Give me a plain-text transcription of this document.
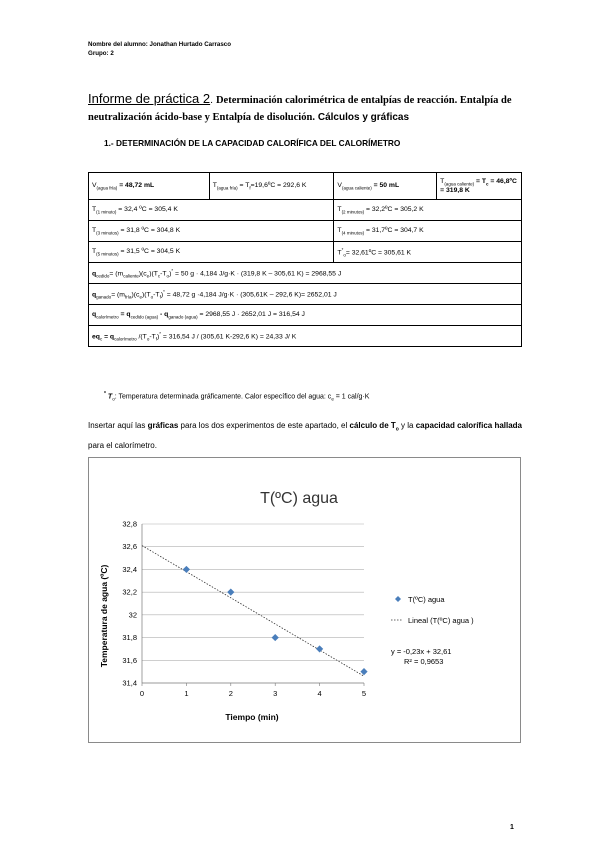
Nombre del alumno: Jonathan Hurtado Carrasco
Grupo: 2
Informe de práctica 2. Determinación calorimétrica de entalpías de reacción. Entalpía de neutralización ácido-base y Entalpía de disolución. Cálculos y gráficas
1.- DETERMINACIÓN DE LA CAPACIDAD CALORÍFICA DEL CALORÍMETRO
$V_{(agua fría)} = 48,72$ mL	$T_{(agua fría)}$ = $T_f=19,6ºC = 292,6$ K	$V_{(agua caliente)} = 50$ mL	$T_{(agua caliente)} = T_c$ = 46,8ºC = 319,8 K
$T_{(1 minuto)} = 32,4$ ºC = 305,4 K		$T_{(2 minutos)}$ = 32,2ºC = 305,2 K	
$T_{(3 minutos)} = 31,8$ ºC = 304,8 K		$T_{(4 minutos)}$ = 31,7ºC = 304,7 K	
$T_{(5 minutos)} = 31,5$ ºC = 304,5 K		$T^*_o=$ 32,61ºC = 305,61 K	
$q_{cedido}= (m_{caliente})(c_e)(T_c-T_o)^* = 50$ g · 4,184 J/g·K · (319,8 K – 305,61 K) = 2968,55 J			
$q_{ganado}= (m_{fría})(c_e)(T_o-T_f)^* = 48,72$ g ·4,184 J/g·K · (305,61K – 292,6 K)= 2652,01 J			
$q_{calorímetro} = q_{cedido (agua)} - q_{ganado (agua)} = 2968,55$ J · 2652,01 J = 316,54 J			
$eq_c = q_{calorímetro}$ $/(T_o-T_f)^* = 316,54$ J / (305,61 K-292,6 K) = 24,33 J/ K			
* $T_o$: Temperatura determinada gráficamente. Calor específico del agua: $c_e = 1$ cal/g·K
Insertar aquí las gráficas para los dos experimentos de este apartado, el cálculo de $T_o$ y la capacidad calorífica hallada para el calorímetro.
T(ºC) agua
31,4
31,6
31,8
32
32,2
32,4
32,6
32,8
0	1	2	3	4	5
Tiempo (min)
Temperatura de agua (ºC)	T(ºC) agua
Lineal (T(ºC) agua )
y = -0,23x + 32,61
R² = 0,9653
1
